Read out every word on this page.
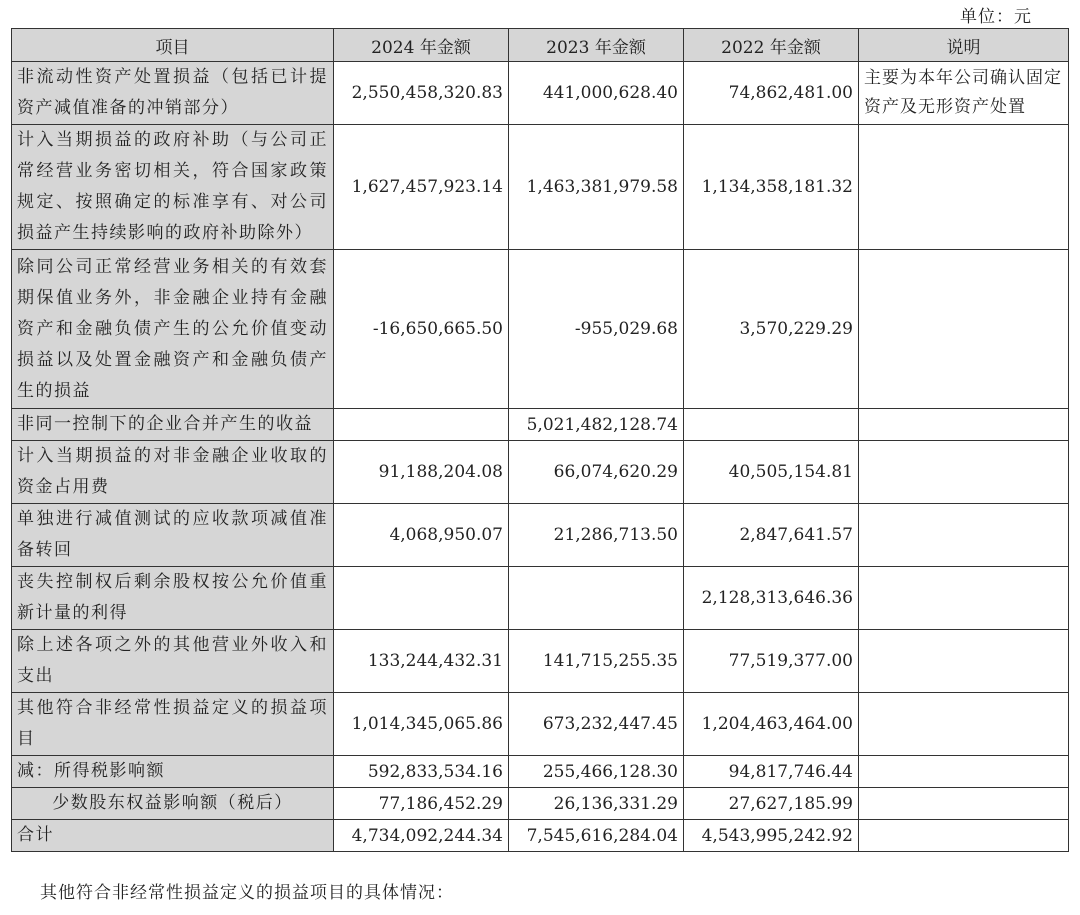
单位：元
项目	2024 年金额	2023 年金额	2022 年金额	说明
非流动性资产处置损益（包括已计提资产减值准备的冲销部分）	2,550,458,320.83	441,000,628.40	74,862,481.00	主要为本年公司确认固定资产及无形资产处置
计入当期损益的政府补助（与公司正常经营业务密切相关，符合国家政策规定、按照确定的标准享有、对公司损益产生持续影响的政府补助除外）	1,627,457,923.14	1,463,381,979.58	1,134,358,181.32	
除同公司正常经营业务相关的有效套期保值业务外，非金融企业持有金融资产和金融负债产生的公允价值变动损益以及处置金融资产和金融负债产生的损益	-16,650,665.50	-955,029.68	3,570,229.29	
非同一控制下的企业合并产生的收益		5,021,482,128.74		
计入当期损益的对非金融企业收取的资金占用费	91,188,204.08	66,074,620.29	40,505,154.81	
单独进行减值测试的应收款项减值准备转回	4,068,950.07	21,286,713.50	2,847,641.57	
丧失控制权后剩余股权按公允价值重新计量的利得			2,128,313,646.36	
除上述各项之外的其他营业外收入和支出	133,244,432.31	141,715,255.35	77,519,377.00	
其他符合非经常性损益定义的损益项目	1,014,345,065.86	673,232,447.45	1,204,463,464.00	
减：所得税影响额	592,833,534.16	255,466,128.30	94,817,746.44	
少数股东权益影响额（税后）	77,186,452.29	26,136,331.29	27,627,185.99	
合计	4,734,092,244.34	7,545,616,284.04	4,543,995,242.92	
其他符合非经常性损益定义的损益项目的具体情况：
